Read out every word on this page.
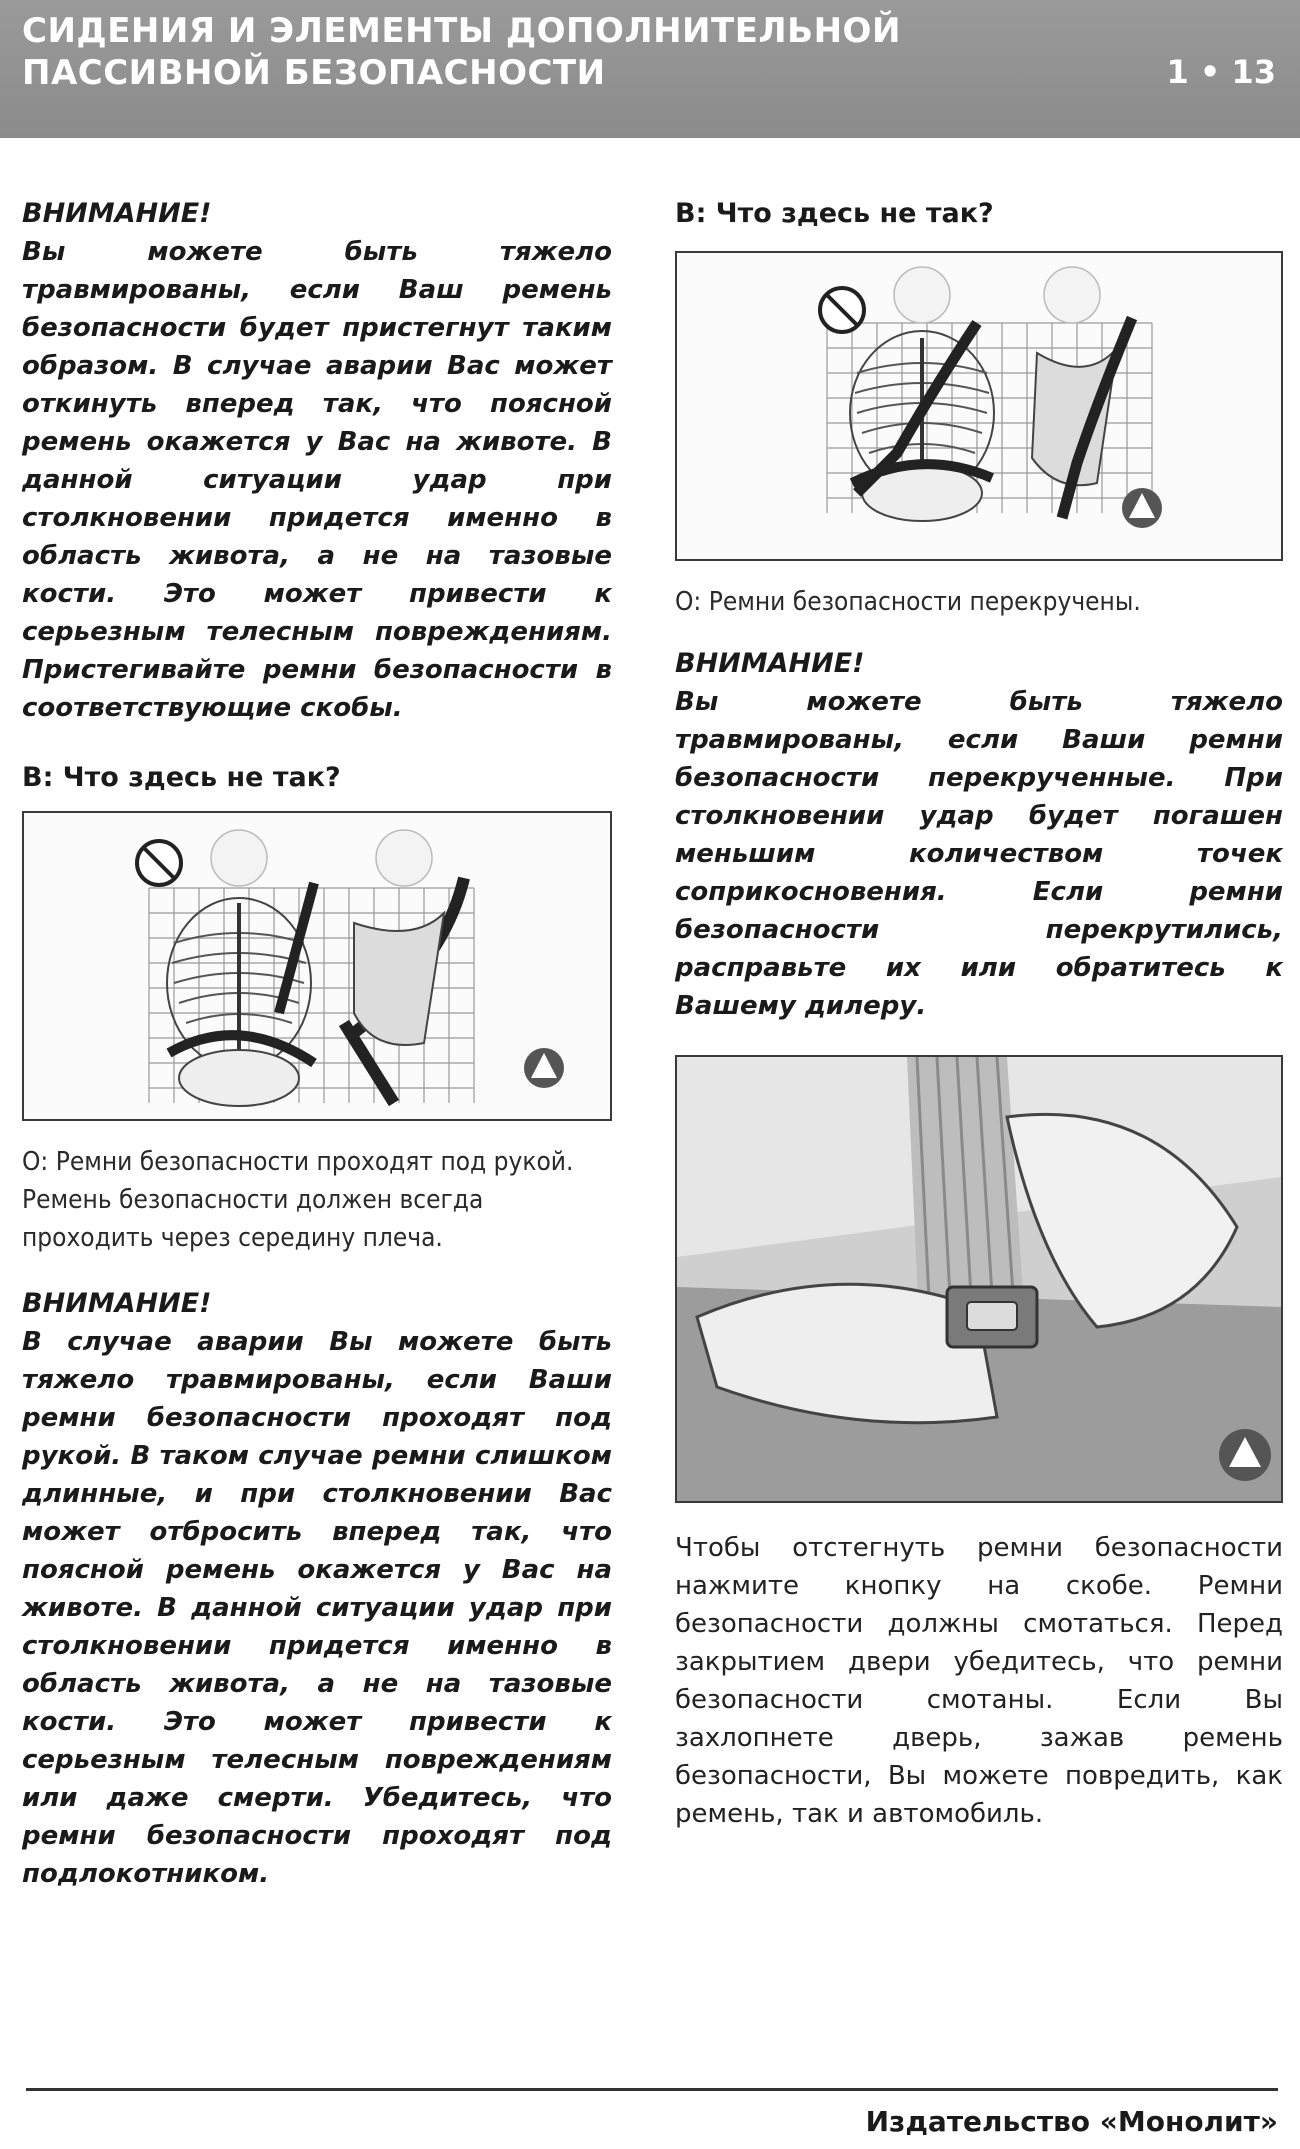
СИДЕНИЯ И ЭЛЕМЕНТЫ ДОПОЛНИТЕЛЬНОЙ
ПАССИВНОЙ БЕЗОПАСНОСТИ	1 • 13

ВНИМАНИЕ!

Вы можете быть тяжело травмированы, если Ваш ремень безопасности будет пристегнут таким образом. В случае аварии Вас может откинуть вперед так, что поясной ремень окажется у Вас на животе. В данной ситуации удар при столкновении придется именно в область живота, а не на тазовые кости. Это может привести к серьезным телесным повреждениям. Пристегивайте ремни безопасности в соответствующие скобы.

В: Что здесь не так?

О: Ремни безопасности проходят под рукой. Ремень безопасности должен всегда проходить через середину плеча.

ВНИМАНИЕ!

В случае аварии Вы можете быть тяжело травмированы, если Ваши ремни безопасности проходят под рукой. В таком случае ремни слишком длинные, и при столкновении Вас может отбросить вперед так, что поясной ремень окажется у Вас на животе. В данной ситуации удар при столкновении придется именно в область живота, а не на тазовые кости. Это может привести к серьезным телесным повреждениям или даже смерти. Убедитесь, что ремни безопасности проходят под подлокотником.

В: Что здесь не так?

О: Ремни безопасности перекручены.

ВНИМАНИЕ!

Вы можете быть тяжело травмированы, если Ваши ремни безопасности перекрученные. При столкновении удар будет погашен меньшим количеством точек соприкосновения. Если ремни безопасности перекрутились, расправьте их или обратитесь к Вашему дилеру.

Чтобы отстегнуть ремни безопасности нажмите кнопку на скобе. Ремни безопасности должны смотаться. Перед закрытием двери убедитесь, что ремни безопасности смотаны. Если Вы захлопнете дверь, зажав ремень безопасности, Вы можете повредить, как ремень, так и автомобиль.

Издательство «Монолит»
